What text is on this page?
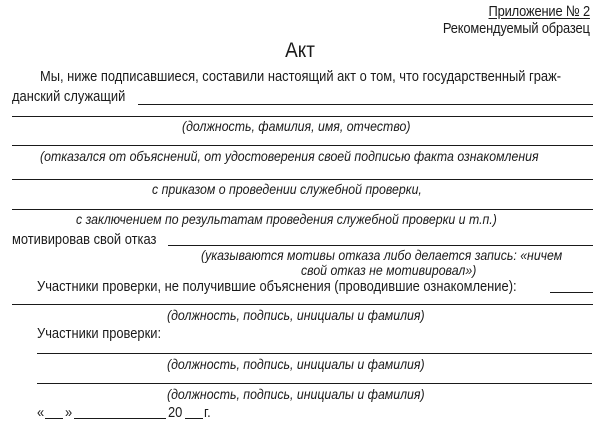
Приложение № 2
Рекомендуемый образец
Акт
Мы, ниже подписавшиеся, составили настоящий акт о том, что государственный граж-
данский служащий
(должность, фамилия, имя, отчество)
(отказался от объяснений, от удостоверения своей подписью факта ознакомления
с приказом о проведении служебной проверки,
с заключением по результатам проведения служебной проверки и т.п.)
мотивировав свой отказ
(указываются мотивы отказа либо делается запись: «ничем
свой отказ не мотивировал»)
Участники проверки, не получившие объяснения (проводившие ознакомление):
(должность, подпись, инициалы и фамилия)
Участники проверки:
(должность, подпись, инициалы и фамилия)
(должность, подпись, инициалы и фамилия)
« »	20 г.
